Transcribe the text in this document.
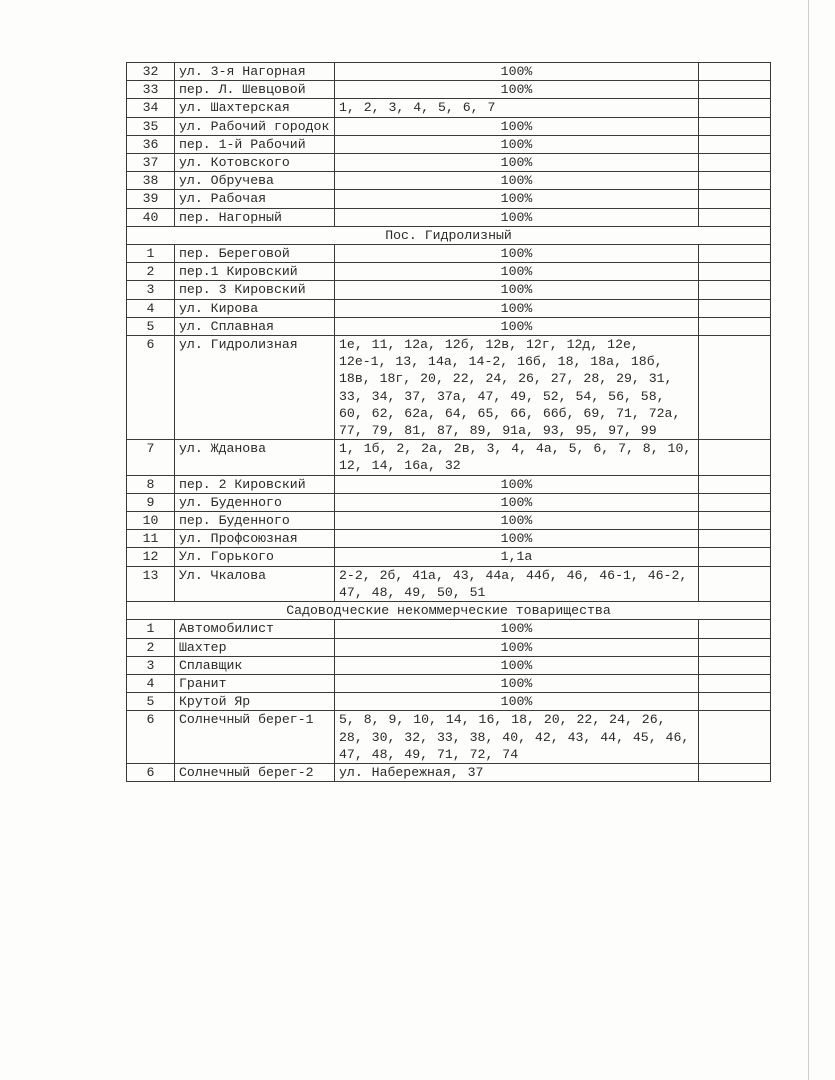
32	ул. 3-я Нагорная	100%	
33	пер. Л. Шевцовой	100%	
34	ул. Шахтерская	1, 2, 3, 4, 5, 6, 7	
35	ул. Рабочий городок	100%	
36	пер. 1-й Рабочий	100%	
37	ул. Котовского	100%	
38	ул. Обручева	100%	
39	ул. Рабочая	100%	
40	пер. Нагорный	100%	
Пос. Гидролизный			
1	пер. Береговой	100%	
2	пер.1 Кировский	100%	
3	пер. 3 Кировский	100%	
4	ул. Кирова	100%	
5	ул. Сплавная	100%	
6	ул. Гидролизная	1е, 11, 12а, 12б, 12в, 12г, 12д, 12е, 12е-1, 13, 14а, 14-2, 16б, 18, 18а, 18б, 18в, 18г, 20, 22, 24, 26, 27, 28, 29, 31, 33, 34, 37, 37а, 47, 49, 52, 54, 56, 58, 60, 62, 62а, 64, 65, 66, 66б, 69, 71, 72а, 77, 79, 81, 87, 89, 91а, 93, 95, 97, 99	
7	ул. Жданова	1, 1б, 2, 2а, 2в, 3, 4, 4а, 5, 6, 7, 8, 10, 12, 14, 16а, 32	
8	пер. 2 Кировский	100%	
9	ул. Буденного	100%	
10	пер. Буденного	100%	
11	ул. Профсоюзная	100%	
12	Ул. Горького	1,1а	
13	Ул. Чкалова	2-2, 2б, 41а, 43, 44а, 44б, 46, 46-1, 46-2, 47, 48, 49, 50, 51	
Садоводческие некоммерческие товарищества			
1	Автомобилист	100%	
2	Шахтер	100%	
3	Сплавщик	100%	
4	Гранит	100%	
5	Крутой Яр	100%	
6	Солнечный берег-1	5, 8, 9, 10, 14, 16, 18, 20, 22, 24, 26, 28, 30, 32, 33, 38, 40, 42, 43, 44, 45, 46, 47, 48, 49, 71, 72, 74	
6	Солнечный берег-2	ул. Набережная, 37	
